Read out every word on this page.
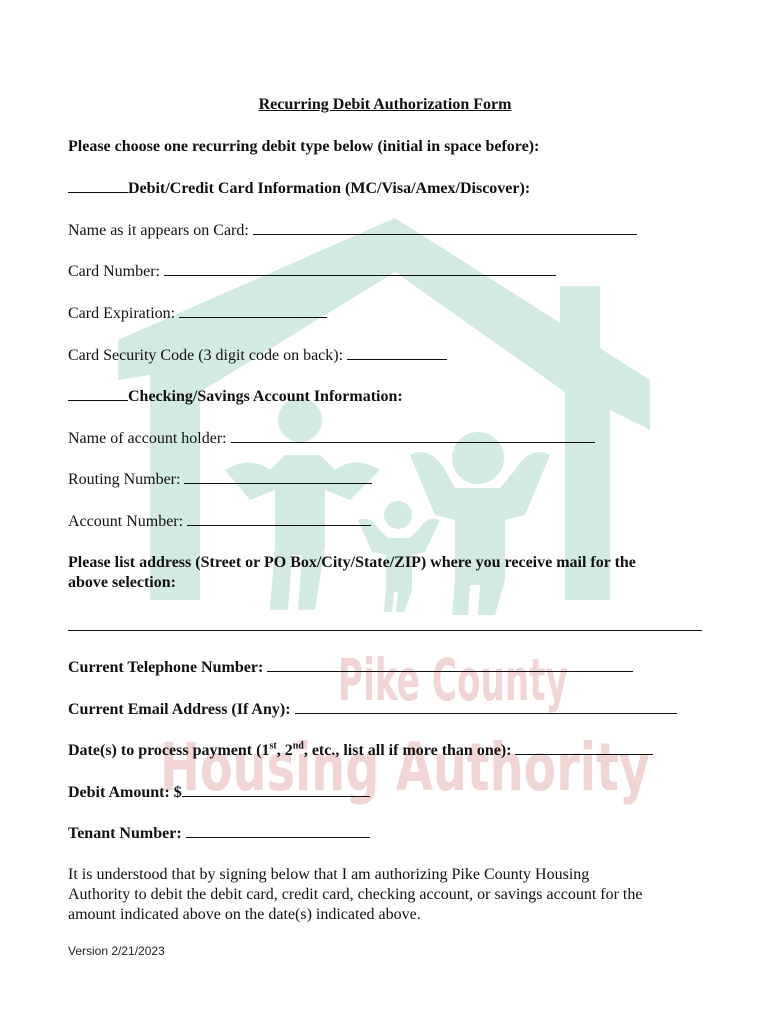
Pike County
Housing Authority
Recurring Debit Authorization Form
Please choose one recurring debit type below (initial in space before):
Debit/Credit Card Information (MC/Visa/Amex/Discover):
Name as it appears on Card:
Card Number:
Card Expiration:
Card Security Code (3 digit code on back):
Checking/Savings Account Information:
Name of account holder:
Routing Number:
Account Number:
Please list address (Street or PO Box/City/State/ZIP) where you receive mail for the
above selection:
Current Telephone Number:
Current Email Address (If Any):
Date(s) to process payment (1st, 2nd, etc., list all if more than one):
Debit Amount: $
Tenant Number:
It is understood that by signing below that I am authorizing Pike County Housing
Authority to debit the debit card, credit card, checking account, or savings account for the
amount indicated above on the date(s) indicated above.
Version 2/21/2023
